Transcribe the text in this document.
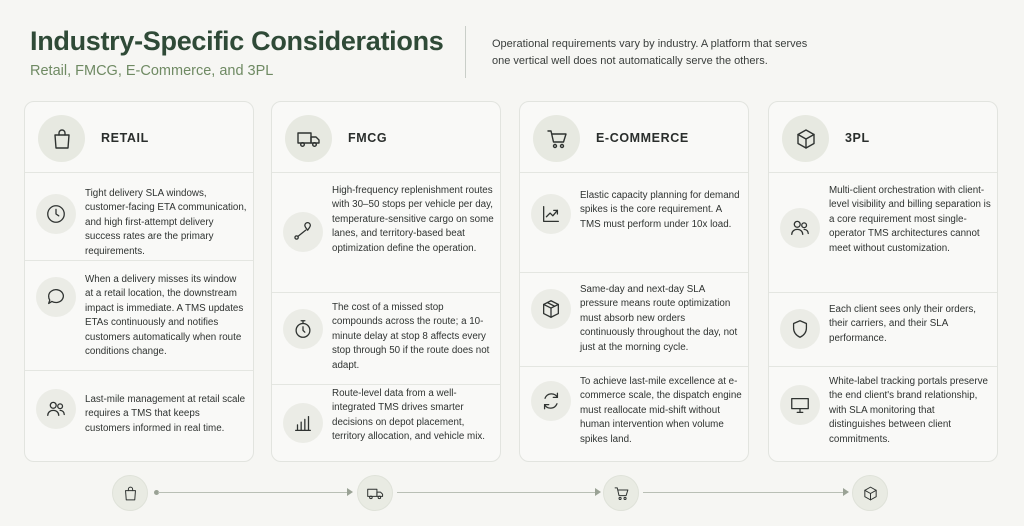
Industry-Specific Considerations
Retail, FMCG, E-Commerce, and 3PL
Operational requirements vary by industry. A platform that serves one vertical well does not automatically serve the others.
RETAIL
Tight delivery SLA windows, customer-facing ETA communication, and high first-attempt delivery success rates are the primary requirements.
When a delivery misses its window at a retail location, the downstream impact is immediate. A TMS updates ETAs continuously and notifies customers automatically when route conditions change.
Last-mile management at retail scale requires a TMS that keeps customers informed in real time.
FMCG
High-frequency replenishment routes with 30–50 stops per vehicle per day, temperature-sensitive cargo on some lanes, and territory-based beat optimization define the operation.
The cost of a missed stop compounds across the route; a 10-minute delay at stop 8 affects every stop through 50 if the route does not adapt.
Route-level data from a well-integrated TMS drives smarter decisions on depot placement, territory allocation, and vehicle mix.
E-COMMERCE
Elastic capacity planning for demand spikes is the core requirement. A TMS must perform under 10x load.
Same-day and next-day SLA pressure means route optimization must absorb new orders continuously throughout the day, not just at the morning cycle.
To achieve last-mile excellence at e-commerce scale, the dispatch engine must reallocate mid-shift without human intervention when volume spikes land.
3PL
Multi-client orchestration with client-level visibility and billing separation is a core requirement most single-operator TMS architectures cannot meet without customization.
Each client sees only their orders, their carriers, and their SLA performance.
White-label tracking portals preserve the end client's brand relationship, with SLA monitoring that distinguishes between client commitments.
